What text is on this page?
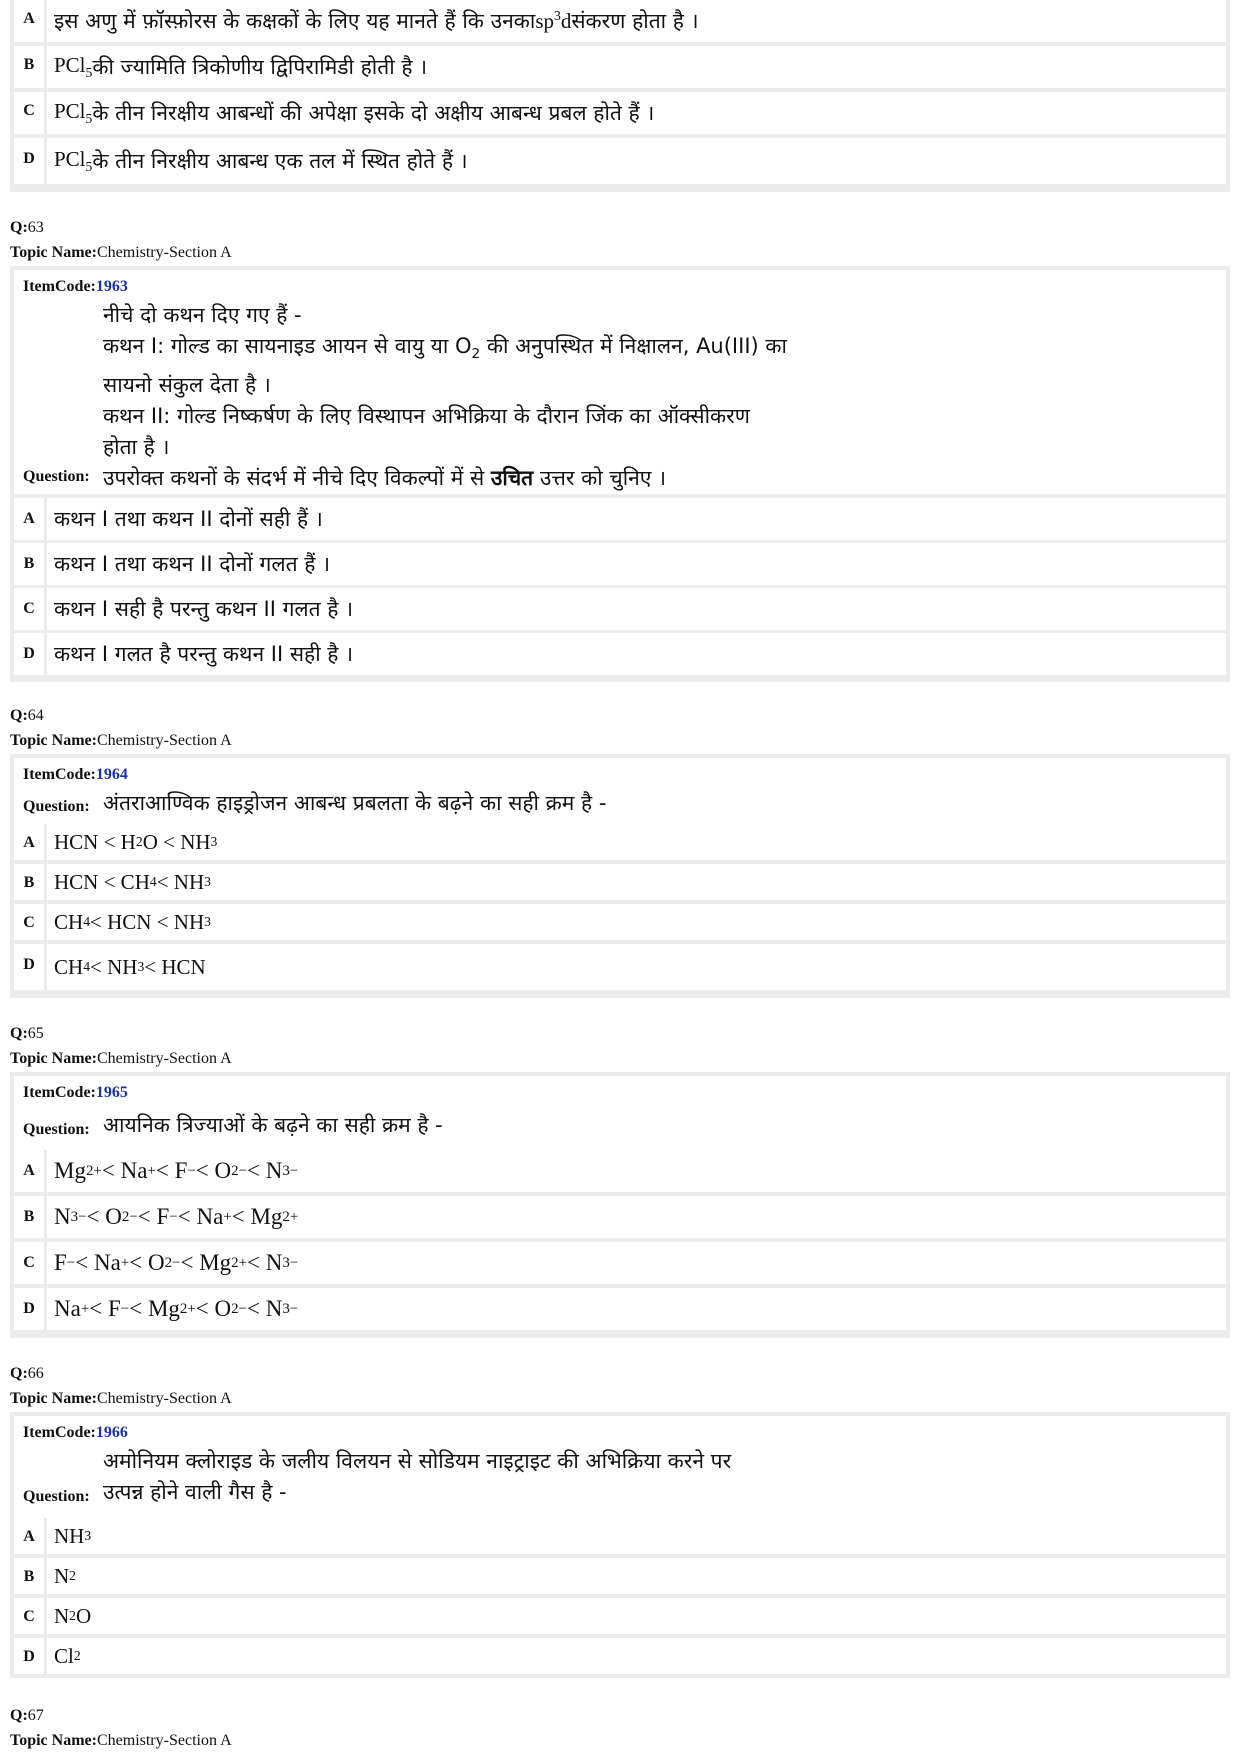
A इस अणु में फ़ॉस्फ़ोरस के कक्षकों के लिए यह मानते हैं कि उनका $sp^3d$ संकरण होता है ।
B PCl$_5$ की ज्यामिति त्रिकोणीय द्विपिरामिडी होती है ।
C PCl$_5$ के तीन निरक्षीय आबन्धों की अपेक्षा इसके दो अक्षीय आबन्ध प्रबल होते हैं ।
D PCl$_5$ के तीन निरक्षीय आबन्ध एक तल में स्थित होते हैं ।
Q:63
Topic Name:Chemistry-Section A
ItemCode:1963
नीचे दो कथन दिए गए हैं -
कथन I: गोल्ड का सायनाइड आयन से वायु या $O_2$ की अनुपस्थित में निक्षालन, Au(III) का
सायनो संकुल देता है ।
कथन II: गोल्ड निष्कर्षण के लिए विस्थापन अभिक्रिया के दौरान जिंक का ऑक्सीकरण
होता है ।
उपरोक्त कथनों के संदर्भ में नीचे दिए विकल्पों में से उचित उत्तर को चुनिए ।
Question:
A कथन I तथा कथन II दोनों सही हैं ।
B कथन I तथा कथन II दोनों गलत हैं ।
C कथन I सही है परन्तु कथन II गलत है ।
D कथन I गलत है परन्तु कथन II सही है ।
Q:64
Topic Name:Chemistry-Section A
ItemCode:1964
Question: अंतराआण्विक हाइड्रोजन आबन्ध प्रबलता के बढ़ने का सही क्रम है -
A HCN < H 2 O < NH 3
B HCN < CH 4 < NH 3
C CH 4 < HCN < NH 3
D CH 4 < NH 3 < HCN
Q:65
Topic Name:Chemistry-Section A
ItemCode:1965
Question: आयनिक त्रिज्याओं के बढ़ने का सही क्रम है -
A Mg 2+ < Na + < F − < O 2− < N 3−
B N 3− < O 2− < F − < Na + < Mg 2+
C F − < Na + < O 2− < Mg 2+ < N 3−
D Na + < F − < Mg 2+ < O 2− < N 3−
Q:66
Topic Name:Chemistry-Section A
ItemCode:1966
अमोनियम क्लोराइड के जलीय विलयन से सोडियम नाइट्राइट की अभिक्रिया करने पर
उत्पन्न होने वाली गैस है -
Question:
A NH 3
B N 2
C N 2 O
D Cl 2
Q:67
Topic Name:Chemistry-Section A
